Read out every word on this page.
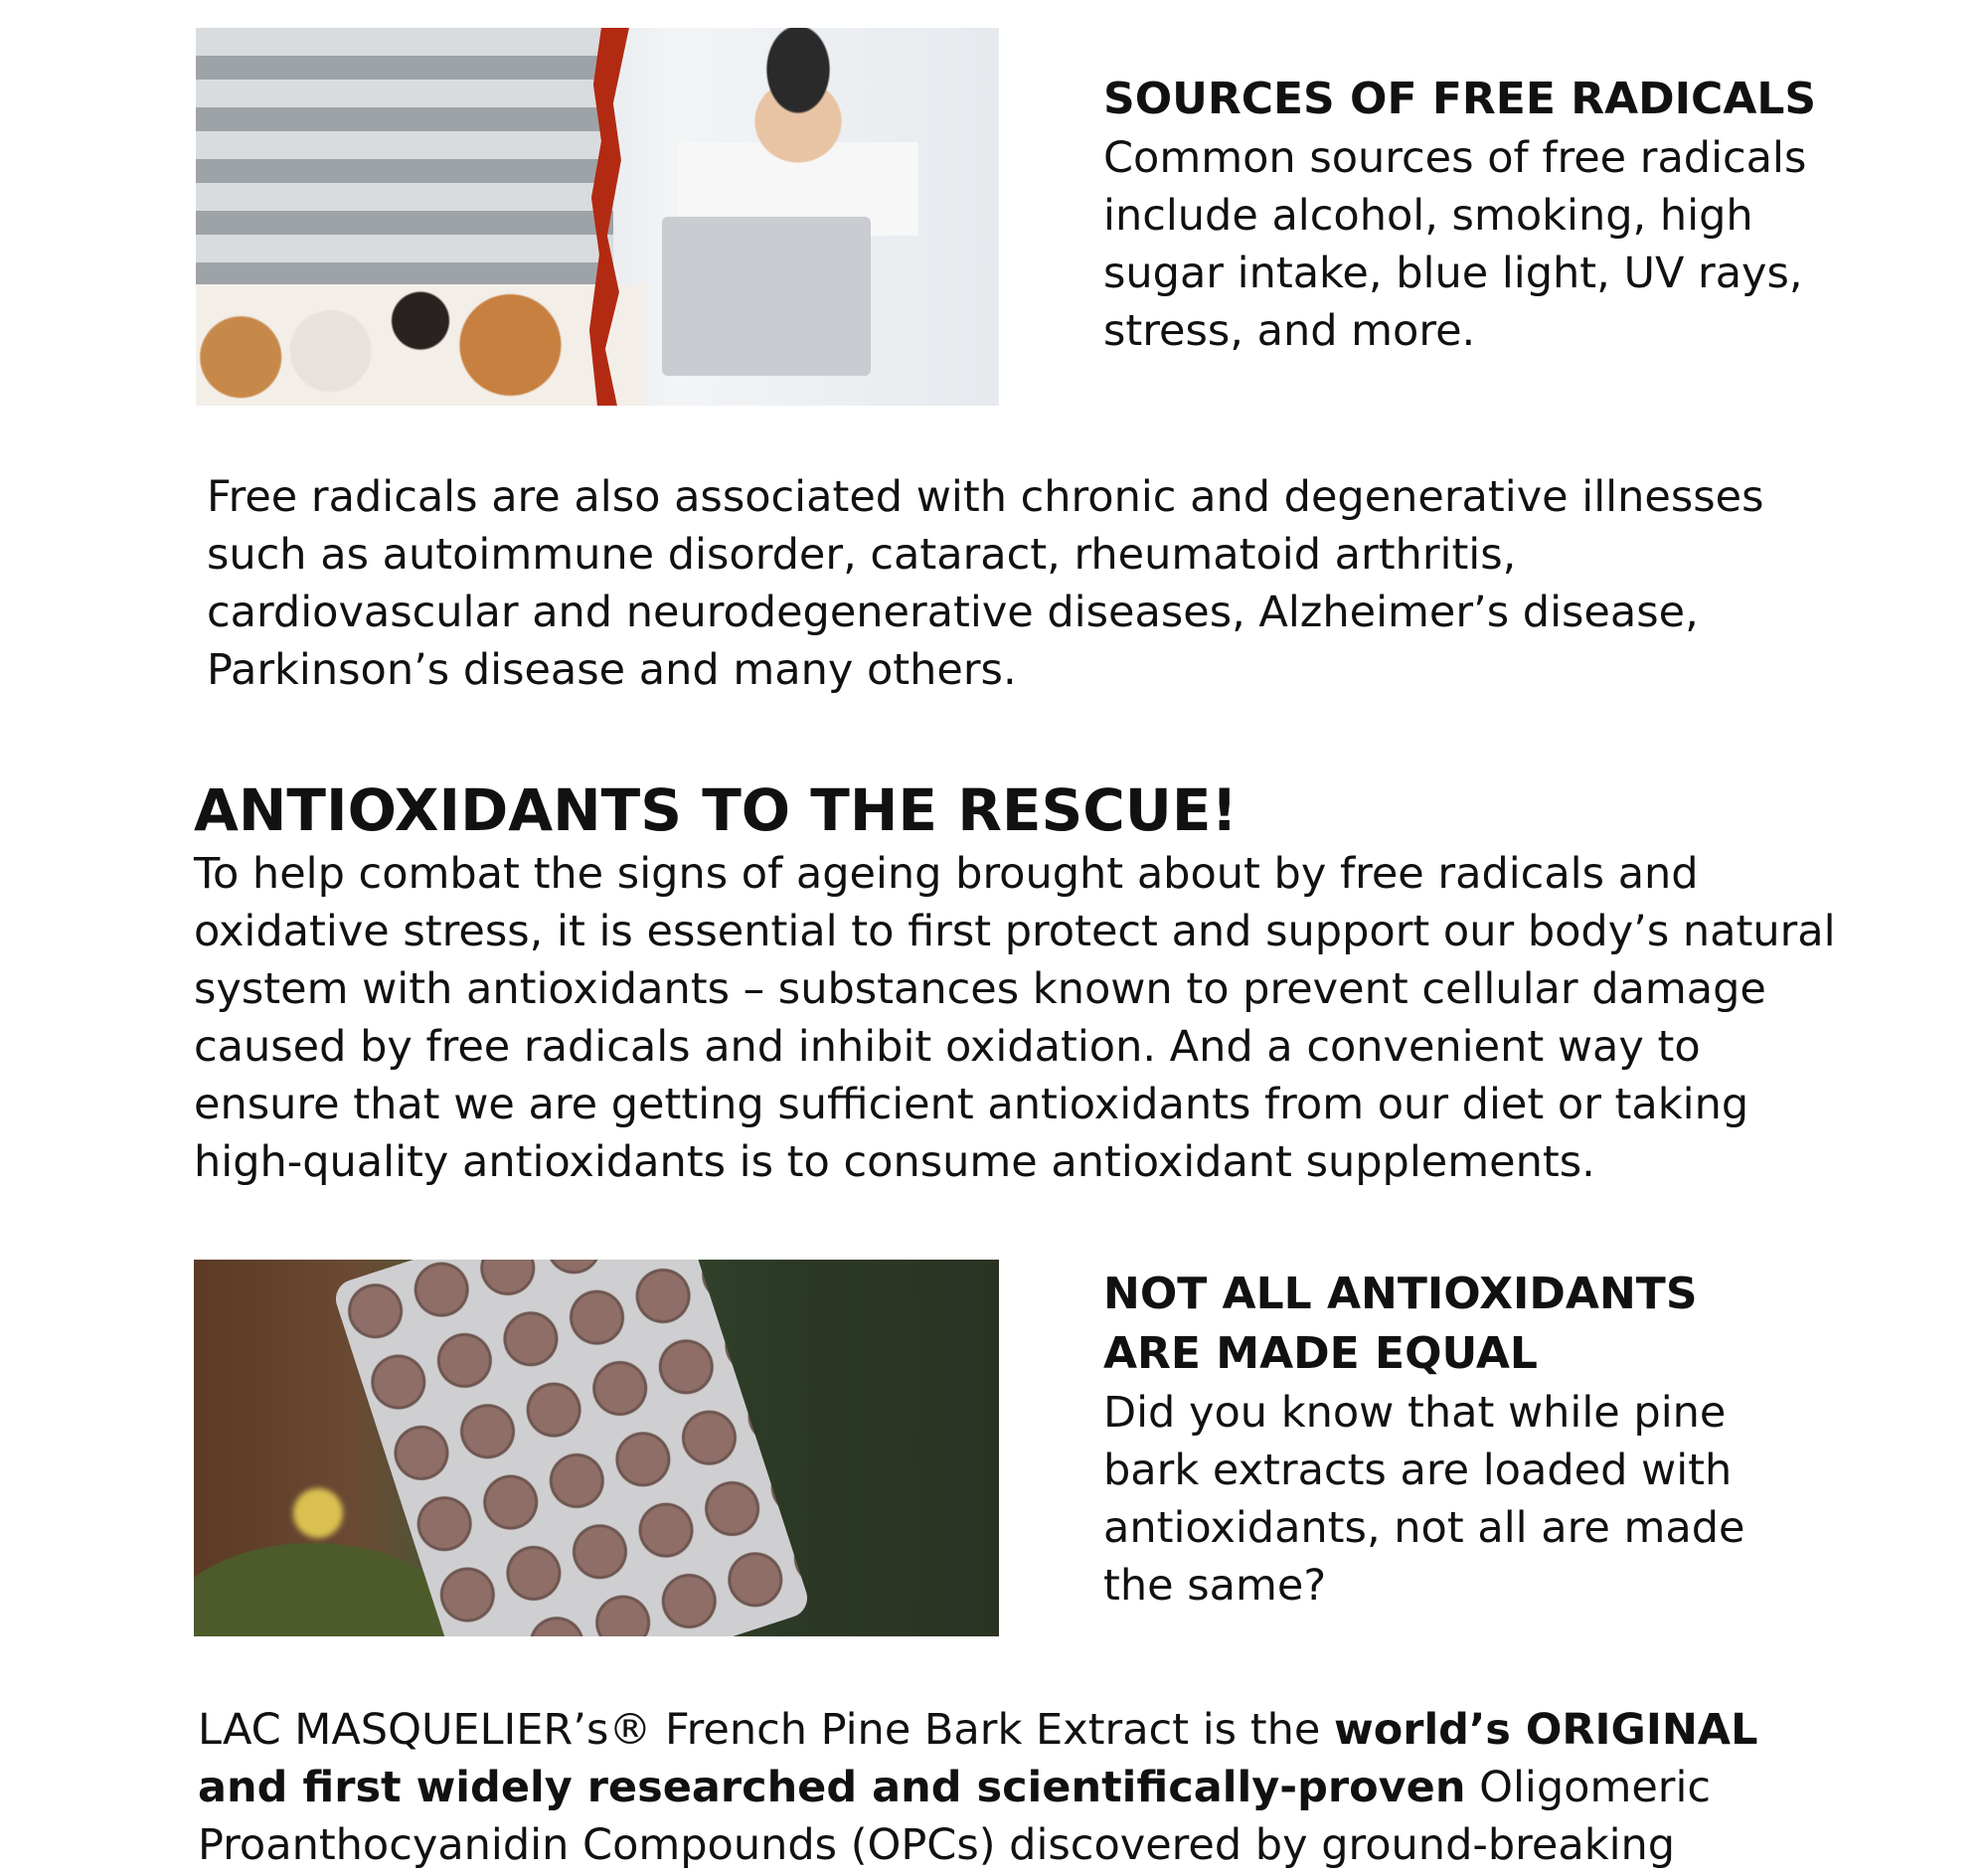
SOURCES OF FREE RADICALS

Common sources of free radicals include alcohol, smoking, high sugar intake, blue light, UV rays, stress, and more.

Free radicals are also associated with chronic and degenerative illnesses such as autoimmune disorder, cataract, rheumatoid arthritis, cardiovascular and neurodegenerative diseases, Alzheimer’s disease, Parkinson’s disease and many others.

ANTIOXIDANTS TO THE RESCUE!

To help combat the signs of ageing brought about by free radicals and oxidative stress, it is essential to first protect and support our body’s natural system with antioxidants – substances known to prevent cellular damage caused by free radicals and inhibit oxidation. And a convenient way to ensure that we are getting sufficient antioxidants from our diet or taking high-quality antioxidants is to consume antioxidant supplements.

NOT ALL ANTIOXIDANTS ARE MADE EQUAL

Did you know that while pine bark extracts are loaded with antioxidants, not all are made the same?

LAC MASQUELIER’s® French Pine Bark Extract is the world’s ORIGINAL and first widely researched and scientifically-proven Oligomeric Proanthocyanidin Compounds (OPCs) discovered by ground-breaking
